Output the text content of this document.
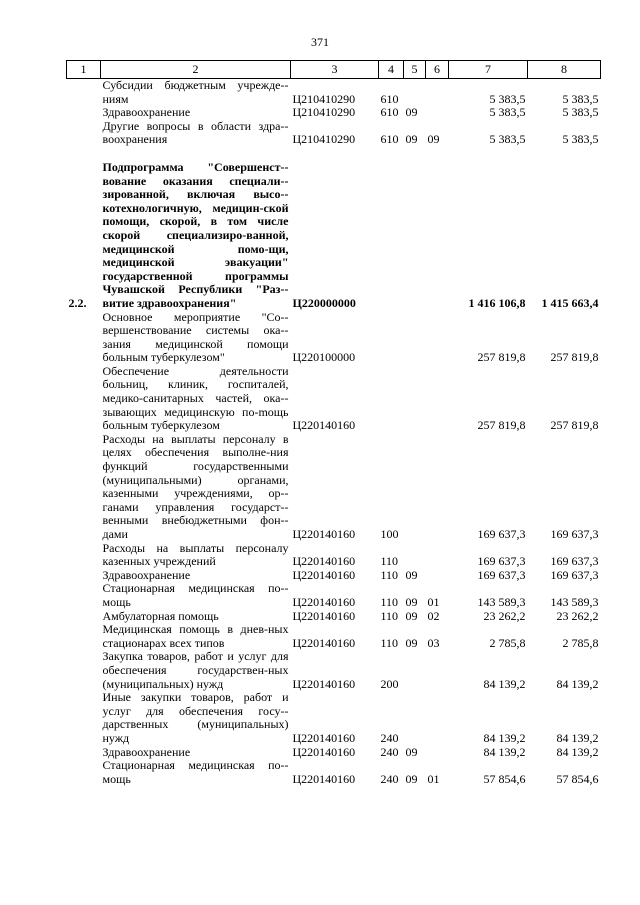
371
1	2	3	4	5	6	7	8
	Субсидии бюджетным учрежде-ниям	Ц210410290	610			5 383,5	5 383,5
	Здравоохранение	Ц210410290	610	09		5 383,5	5 383,5
	Другие вопросы в области здра-воохранения	Ц210410290	610	09	09	5 383,5	5 383,5

2.2.	Подпрограмма "Совершенст-вование оказания специали-зированной, включая высо-котехнологичную, медицин-ской помощи, скорой, в том числе скорой специализиро-ванной, медицинской помо-щи, медицинской эвакуации" государственной программы Чувашской Республики "Раз-витие здравоохранения"	Ц220000000				1 416 106,8	1 415 663,4
	Основное мероприятие "Со-вершенствование системы ока-зания медицинской помощи больным туберкулезом"	Ц220100000				257 819,8	257 819,8
	Обеспечение деятельности больниц, клиник, госпиталей, медико-санитарных частей, ока-зывающих медицинскую по-mощь больным туберкулезом	Ц220140160				257 819,8	257 819,8
	Расходы на выплаты персоналу в целях обеспечения выполне-ния функций государственными (муниципальными) органами, казенными учреждениями, ор-ганами управления государст-венными внебюджетными фон-дами	Ц220140160	100			169 637,3	169 637,3
	Расходы на выплаты персоналу казенных учреждений	Ц220140160	110			169 637,3	169 637,3
	Здравоохранение	Ц220140160	110	09		169 637,3	169 637,3
	Стационарная медицинская по-мощь	Ц220140160	110	09	01	143 589,3	143 589,3
	Амбулаторная помощь	Ц220140160	110	09	02	23 262,2	23 262,2
	Медицинская помощь в днев-ных стационарах всех типов	Ц220140160	110	09	03	2 785,8	2 785,8
	Закупка товаров, работ и услуг для обеспечения государствен-ных (муниципальных) нужд	Ц220140160	200			84 139,2	84 139,2
	Иные закупки товаров, работ и услуг для обеспечения госу-дарственных (муниципальных) нужд	Ц220140160	240			84 139,2	84 139,2
	Здравоохранение	Ц220140160	240	09		84 139,2	84 139,2
	Стационарная медицинская по-мощь	Ц220140160	240	09	01	57 854,6	57 854,6
